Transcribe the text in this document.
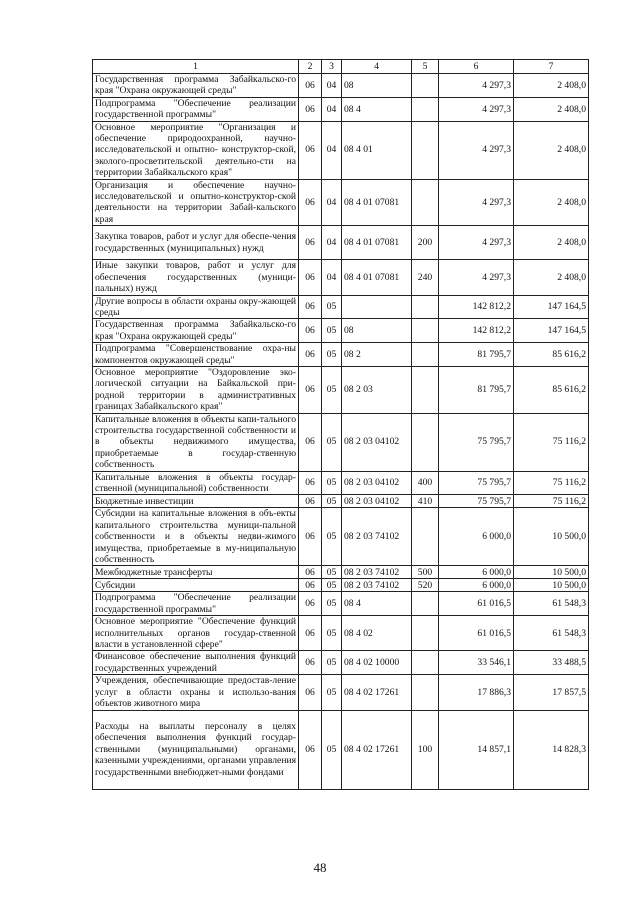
1	2	3	4	5	6	7

Государственная программа Забайкальско-го края "Охрана окружающей среды"	06	04	08		4 297,3	2 408,0

Подпрограмма "Обеспечение реализации государственной программы"	06	04	08 4		4 297,3	2 408,0

Основное мероприятие "Организация и обеспечение природоохранной, научно-исследовательской и опытно- конструктор-ской, эколого-просветительской деятельно-сти на территории Забайкальского края"	06	04	08 4 01		4 297,3	2 408,0

Организация и обеспечение научно-исследовательской и опытно-конструктор-ской деятельности на территории Забай-кальского края	06	04	08 4 01 07081		4 297,3	2 408,0

Закупка товаров, работ и услуг для обеспе-чения государственных (муниципальных) нужд	06	04	08 4 01 07081	200	4 297,3	2 408,0

Иные закупки товаров, работ и услуг для обеспечения государственных (муници-пальных) нужд	06	04	08 4 01 07081	240	4 297,3	2 408,0

Другие вопросы в области охраны окру-жающей среды	06	05			142 812,2	147 164,5

Государственная программа Забайкальско-го края "Охрана окружающей среды"	06	05	08		142 812,2	147 164,5

Подпрограмма "Совершенствование охра-ны компонентов окружающей среды"	06	05	08 2		81 795,7	85 616,2

Основное мероприятие "Оздоровление эко-логической ситуации на Байкальской при-родной территории в административных границах Забайкальского края"	06	05	08 2 03		81 795,7	85 616,2

Капитальные вложения в объекты капи-тального строительства государственной собственности и в объекты недвижимого имущества, приобретаемые в государ-ственную собственность	06	05	08 2 03 04102		75 795,7	75 116,2

Капитальные вложения в объекты государ-ственной (муниципальной) собственности	06	05	08 2 03 04102	400	75 795,7	75 116,2

Бюджетные инвестиции	06	05	08 2 03 04102	410	75 795,7	75 116,2

Субсидии на капитальные вложения в объ-екты капитального строительства муници-пальной собственности и в объекты недви-жимого имущества, приобретаемые в му-ниципальную собственность	06	05	08 2 03 74102		6 000,0	10 500,0

Межбюджетные трансферты	06	05	08 2 03 74102	500	6 000,0	10 500,0

Субсидии	06	05	08 2 03 74102	520	6 000,0	10 500,0

Подпрограмма "Обеспечение реализации государственной программы"	06	05	08 4		61 016,5	61 548,3

Основное мероприятие "Обеспечение функций исполнительных органов государ-ственной власти в установленной сфере"	06	05	08 4 02		61 016,5	61 548,3

Финансовое обеспечение выполнения функций государственных учреждений	06	05	08 4 02 10000		33 546,1	33 488,5

Учреждения, обеспечивающие предостав-ление услуг в области охраны и использо-вания объектов животного мира	06	05	08 4 02 17261		17 886,3	17 857,5

Расходы на выплаты персоналу в целях обеспечения выполнения функций государ-ственными (муниципальными) органами, казенными учреждениями, органами управления государственными внебюджет-ными фондами	06	05	08 4 02 17261	100	14 857,1	14 828,3
48
